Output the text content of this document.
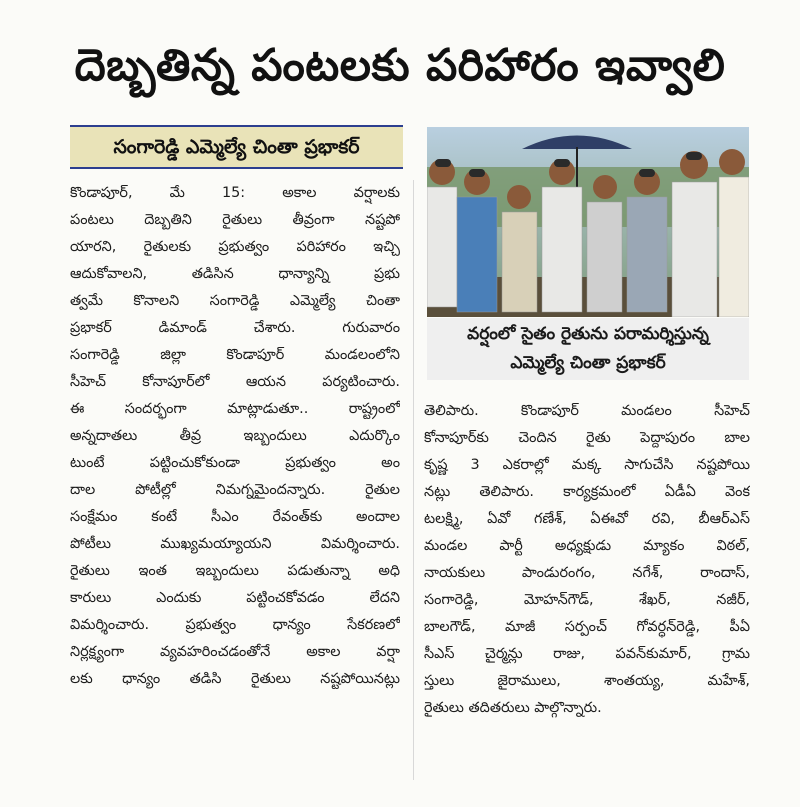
దెబ్బతిన్న పంటలకు పరిహారం ఇవ్వాలి
సంగారెడ్డి ఎమ్మెల్యే చింతా ప్రభాకర్
వర్షంలో సైతం రైతును పరామర్శిస్తున్న
ఎమ్మెల్యే చింతా ప్రభాకర్
కొండాపూర్, మే 15: అకాల వర్షాలకు
పంటలు దెబ్బతిని రైతులు తీవ్రంగా నష్టపో
యారని, రైతులకు ప్రభుత్వం పరిహారం ఇచ్చి
ఆదుకోవాలని, తడిసిన ధాన్యాన్ని ప్రభు
త్వమే కొనాలని సంగారెడ్డి ఎమ్మెల్యే చింతా
ప్రభాకర్ డిమాండ్ చేశారు. గురువారం
సంగారెడ్డి జిల్లా కొండాపూర్ మండలంలోని
సీహెచ్ కోనాపూర్‌లో ఆయన పర్యటించారు.
ఈ సందర్భంగా మాట్లాడుతూ.. రాష్ట్రంలో
అన్నదాతలు తీవ్ర ఇబ్బందులు ఎదుర్కొం
టుంటే పట్టించుకోకుండా ప్రభుత్వం అం
దాల పోటీల్లో నిమగ్నమైందన్నారు. రైతుల
సంక్షేమం కంటే సీఎం రేవంత్‌కు అందాల
పోటీలు ముఖ్యమయ్యాయని విమర్శించారు.
రైతులు ఇంత ఇబ్బందులు పడుతున్నా అధి
కారులు ఎందుకు పట్టించకోవడం లేదని
విమర్శించారు. ప్రభుత్వం ధాన్యం సేకరణలో
నిర్లక్ష్యంగా వ్యవహరించడంతోనే అకాల వర్షా
లకు ధాన్యం తడిసి రైతులు నష్టపోయినట్లు
తెలిపారు. కొండాపూర్ మండలం సీహెచ్
కోనాపూర్‌కు చెందిన రైతు పెద్దాపురం బాల
కృష్ణ 3 ఎకరాల్లో మక్క సాగుచేసి నష్టపోయి
నట్లు తెలిపారు. కార్యక్రమంలో ఏడీఏ వెంక
టలక్ష్మి, ఏవో గణేశ్, ఏఈవో రవి, బీఆర్‌ఎస్
మండల పార్టీ అధ్యక్షుడు మ్యాకం విఠల్,
నాయకులు పాండురంగం, నగేశ్, రాందాస్,
సంగారెడ్డి, మోహన్‌గౌడ్, శేఖర్, నజీర్,
బాలగౌడ్, మాజీ సర్పంచ్ గోవర్ధన్‌రెడ్డి, పీఏ
సీఎస్ చైర్మన్లు రాజు, పవన్‌కుమార్, గ్రామ
స్తులు జైరాములు, శాంతయ్య, మహేశ్,
రైతులు తదితరులు పాల్గొన్నారు.
